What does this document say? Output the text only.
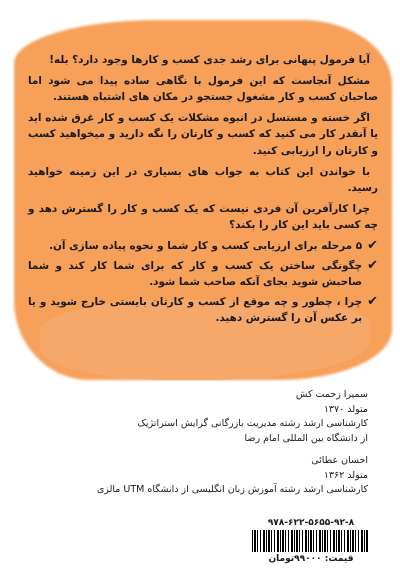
آیا فرمول پنهانی برای رشد جدی کسب و کارها وجود دارد؟ بله!

مشکل آنجاست که این فرمول با نگاهی ساده پیدا می شود اما صاحبان کسب و کار مشغول جستجو در مکان های اشتباه هستند.

اگر خسته و مستسل در انبوه مشکلات یک کسب و کار غرق شده اید یا آنقدر کار می کنید که کسب و کارتان را نگه دارید و میخواهید کسب و کارتان را ارزیابی کنید.

با خواندن این کتاب به جواب های بسیاری در این زمینه خواهید رسید.

چرا کارآفرین آن فردی نیست که یک کسب و کار را گسترش دهد و چه کسی باید این کار را بکند؟

✔
۵ مرحله برای ارزیابی کسب و کار شما و نحوه پیاده سازی آن.
✔
چگونگی ساختن یک کسب و کار که برای شما کار کند و شما صاحبش شوید بجای آنکه صاحب شما شود.
✔
چرا ، چطور و چه موقع از کسب و کارتان بایستی خارج شوید و یا بر عکس آن را گسترش دهید.
سمیرا زحمت کش
متولد ۱۳۷۰
کارشناسی ارشد رشته مدیریت بازرگانی گرایش استراتژیک
از دانشگاه بین المللی امام رضا
احسان عطائی
متولد ۱۳۶۲
کارشناسی ارشد رشته آموزش زبان انگلیسی از دانشگاه UTM مالزی
۹۷۸-۶۲۲-۵۶۵۵-۹۲-۸
قیمت: ۹۹۰۰۰تومان
